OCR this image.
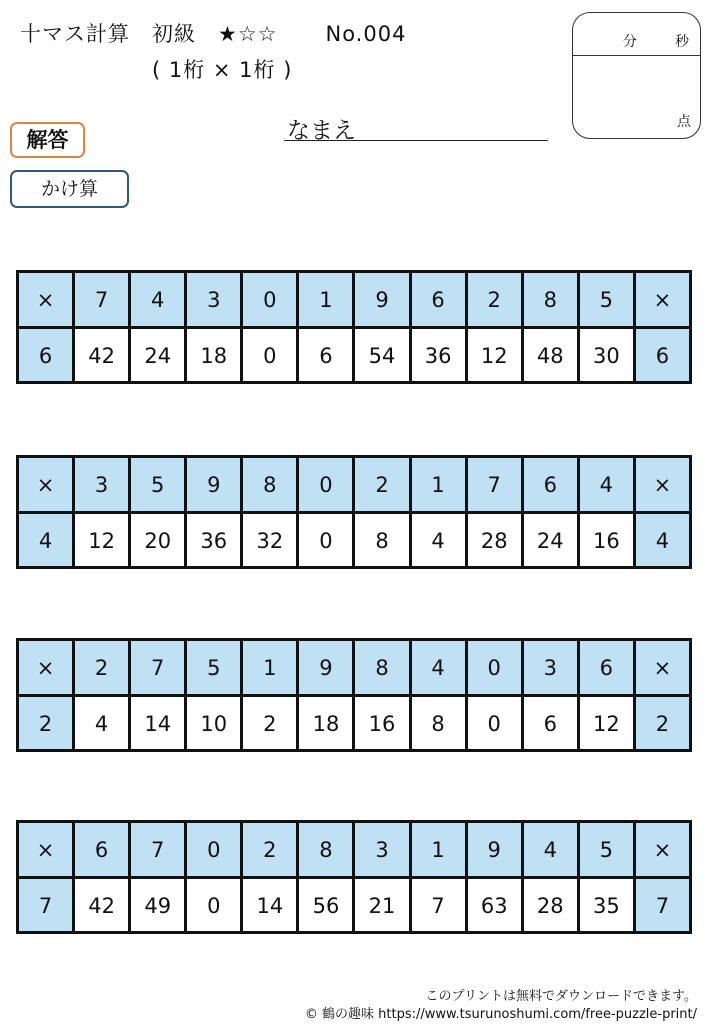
十マス計算 初級 ★☆☆ No.004
( 1桁 × 1桁 )
分	秒
点
解答
かけ算
なまえ
×	7	4	3	0	1	9	6	2	8	5	×
6	42	24	18	0	6	54	36	12	48	30	6
×	3	5	9	8	0	2	1	7	6	4	×
4	12	20	36	32	0	8	4	28	24	16	4
×	2	7	5	1	9	8	4	0	3	6	×
2	4	14	10	2	18	16	8	0	6	12	2
×	6	7	0	2	8	3	1	9	4	5	×
7	42	49	0	14	56	21	7	63	28	35	7
このプリントは無料でダウンロードできます。
© 鶴の趣味 https://www.tsurunoshumi.com/free-puzzle-print/
